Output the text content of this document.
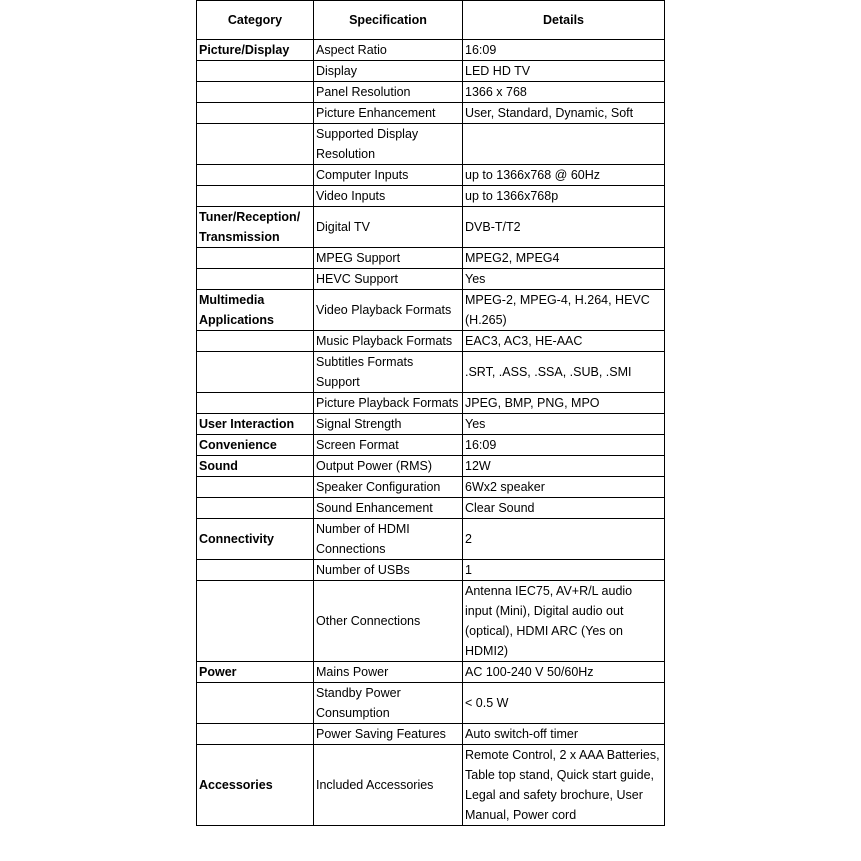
Category	Specification	Details
Picture/Display	Aspect Ratio	16:09
	Display	LED HD TV
	Panel Resolution	1366 x 768
	Picture Enhancement	User, Standard, Dynamic, Soft
	Supported Display Resolution	
	Computer Inputs	up to 1366x768 @ 60Hz
	Video Inputs	up to 1366x768p
Tuner/Reception/ Transmission	Digital TV	DVB-T/T2
	MPEG Support	MPEG2, MPEG4
	HEVC Support	Yes
Multimedia Applications	Video Playback Formats	MPEG-2, MPEG-4, H.264, HEVC (H.265)
	Music Playback Formats	EAC3, AC3, HE-AAC
	Subtitles Formats Support	.SRT, .ASS, .SSA, .SUB, .SMI
	Picture Playback Formats	JPEG, BMP, PNG, MPO
User Interaction	Signal Strength	Yes
Convenience	Screen Format	16:09
Sound	Output Power (RMS)	12W
	Speaker Configuration	6Wx2 speaker
	Sound Enhancement	Clear Sound
Connectivity	Number of HDMI Connections	2
	Number of USBs	1
	Other Connections	Antenna IEC75, AV+R/L audio input (Mini), Digital audio out (optical), HDMI ARC (Yes on HDMI2)
Power	Mains Power	AC 100-240 V 50/60Hz
	Standby Power Consumption	< 0.5 W
	Power Saving Features	Auto switch-off timer
Accessories	Included Accessories	Remote Control, 2 x AAA Batteries, Table top stand, Quick start guide, Legal and safety brochure, User Manual, Power cord
